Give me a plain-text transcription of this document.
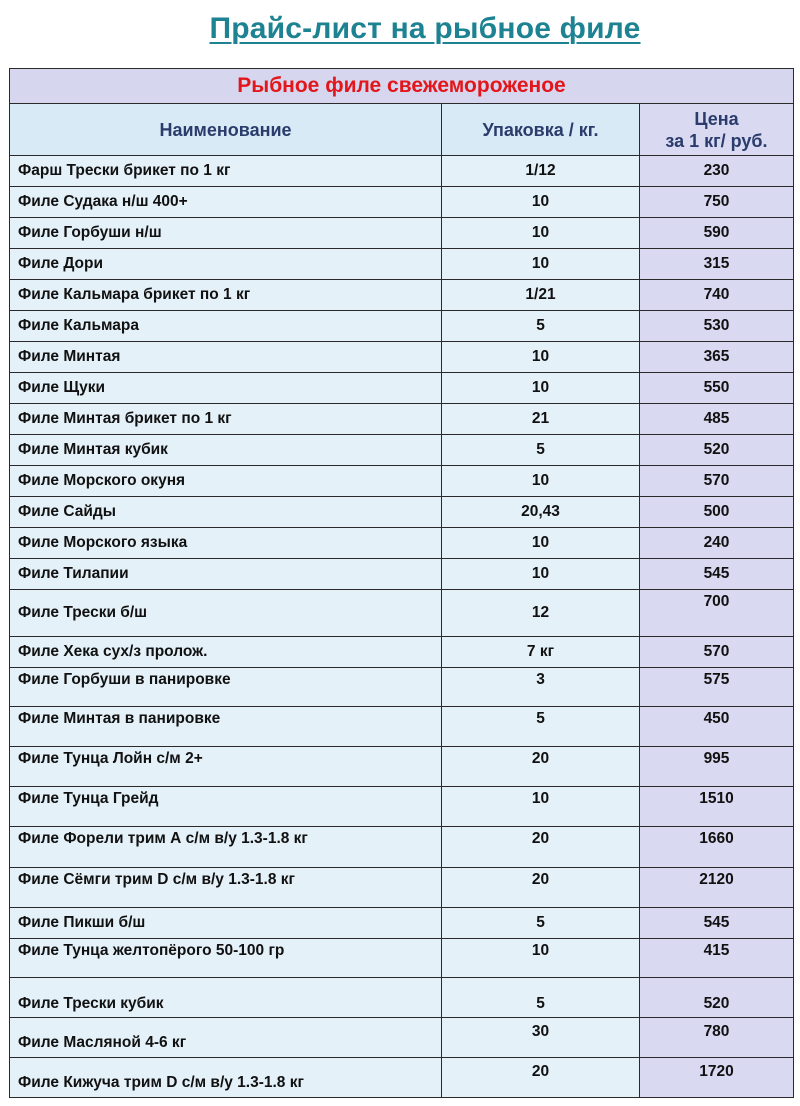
Прайс-лист на рыбное филе
Рыбное филе свежемороженое		
Наименование	Упаковка / кг.	Цена
за 1 кг/ руб.
Фарш Трески брикет по 1 кг	1/12	230
Филе Судака н/ш 400+	10	750
Филе Горбуши н/ш	10	590
Филе Дори	10	315
Филе Кальмара брикет по 1 кг	1/21	740
Филе Кальмара	5	530
Филе Минтая	10	365
Филе Щуки	10	550
Филе Минтая брикет по 1 кг	21	485
Филе Минтая кубик	5	520
Филе Морского окуня	10	570
Филе Сайды	20,43	500
Филе Морского языка	10	240
Филе Тилапии	10	545
Филе Трески б/ш	12	700
Филе Хека сух/з пролож.	7 кг	570
Филе Горбуши в панировке	3	575
Филе Минтая в панировке	5	450
Филе Тунца Лойн с/м 2+	20	995
Филе Тунца Грейд	10	1510
Филе Форели трим А с/м в/у 1.3-1.8 кг	20	1660
Филе Сёмги трим D с/м в/у 1.3-1.8 кг	20	2120
Филе Пикши б/ш	5	545
Филе Тунца желтопёрого 50-100 гр	10	415
Филе Трески кубик	5	520
Филе Масляной 4-6 кг	30	780
Филе Кижуча трим D с/м в/у 1.3-1.8 кг	20	1720
